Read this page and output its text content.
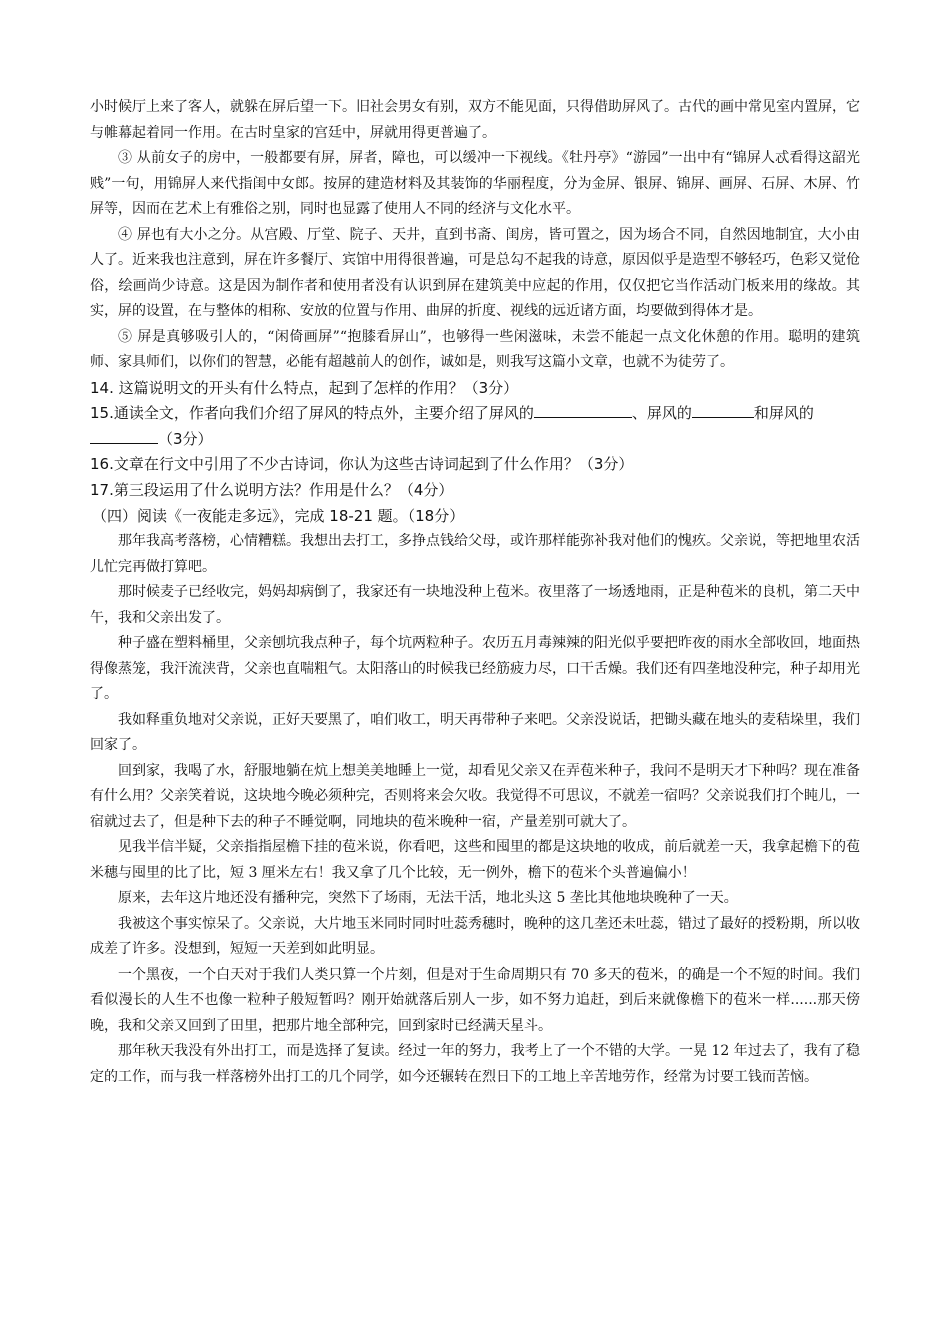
小时候厅上来了客人，就躲在屏后望一下。旧社会男女有别，双方不能见面，只得借助屏风了。古代的画中常见室内置屏，它与帷幕起着同一作用。在古时皇家的宫廷中，屏就用得更普遍了。

③ 从前女子的房中，一般都要有屏，屏者，障也，可以缓冲一下视线。《牡丹亭》“游园”一出中有“锦屏人忒看得这韶光贱”一句，用锦屏人来代指闺中女郎。按屏的建造材料及其装饰的华丽程度，分为金屏、银屏、锦屏、画屏、石屏、木屏、竹屏等，因而在艺术上有雅俗之别，同时也显露了使用人不同的经济与文化水平。

④ 屏也有大小之分。从宫殿、厅堂、院子、天井，直到书斋、闺房，皆可置之，因为场合不同，自然因地制宜，大小由人了。近来我也注意到，屏在许多餐厅、宾馆中用得很普遍，可是总勾不起我的诗意，原因似乎是造型不够轻巧，色彩又觉伧俗，绘画尚少诗意。这是因为制作者和使用者没有认识到屏在建筑美中应起的作用，仅仅把它当作活动门板来用的缘故。其实，屏的设置，在与整体的相称、安放的位置与作用、曲屏的折度、视线的远近诸方面，均要做到得体才是。

⑤ 屏是真够吸引人的，“闲倚画屏”“抱膝看屏山”，也够得一些闲滋味，未尝不能起一点文化休憩的作用。聪明的建筑师、家具师们，以你们的智慧，必能有超越前人的创作，诚如是，则我写这篇小文章，也就不为徒劳了。

14. 这篇说明文的开头有什么特点，起到了怎样的作用？（3分）

15.通读全文，作者向我们介绍了屏风的特点外，主要介绍了屏风的	、屏风的	和屏风的（3分）

16.文章在行文中引用了不少古诗词，你认为这些古诗词起到了什么作用？（3分）

17.第三段运用了什么说明方法？作用是什么？（4分）

（四）阅读《一夜能走多远》，完成 18-21 题。（18分）

那年我高考落榜，心情糟糕。我想出去打工，多挣点钱给父母，或许那样能弥补我对他们的愧疚。父亲说，等把地里农活儿忙完再做打算吧。

那时候麦子已经收完，妈妈却病倒了，我家还有一块地没种上苞米。夜里落了一场透地雨，正是种苞米的良机，第二天中午，我和父亲出发了。

种子盛在塑料桶里，父亲刨坑我点种子，每个坑两粒种子。农历五月毒辣辣的阳光似乎要把昨夜的雨水全部收回，地面热得像蒸笼，我汗流浃背，父亲也直喘粗气。太阳落山的时候我已经筋疲力尽，口干舌燥。我们还有四垄地没种完，种子却用光了。

我如释重负地对父亲说，正好天要黑了，咱们收工，明天再带种子来吧。父亲没说话，把锄头藏在地头的麦秸垛里，我们回家了。

回到家，我喝了水，舒服地躺在炕上想美美地睡上一觉，却看见父亲又在弄苞米种子，我问不是明天才下种吗？现在准备有什么用？父亲笑着说，这块地今晚必须种完，否则将来会欠收。我觉得不可思议，不就差一宿吗？父亲说我们打个盹儿，一宿就过去了，但是种下去的种子不睡觉啊，同地块的苞米晚种一宿，产量差别可就大了。

见我半信半疑，父亲指指屋檐下挂的苞米说，你看吧，这些和囤里的都是这块地的收成，前后就差一天，我拿起檐下的苞米穗与囤里的比了比，短 3 厘米左右！我又拿了几个比较，无一例外，檐下的苞米个头普遍偏小！

原来，去年这片地还没有播种完，突然下了场雨，无法干活，地北头这 5 垄比其他地块晚种了一天。

我被这个事实惊呆了。父亲说，大片地玉米同时同时吐蕊秀穗时，晚种的这几垄还未吐蕊，错过了最好的授粉期，所以收成差了许多。没想到，短短一天差到如此明显。

一个黑夜，一个白天对于我们人类只算一个片刻，但是对于生命周期只有 70 多天的苞米，的确是一个不短的时间。我们看似漫长的人生不也像一粒种子般短暂吗？刚开始就落后别人一步，如不努力追赶，到后来就像檐下的苞米一样......那天傍晚，我和父亲又回到了田里，把那片地全部种完，回到家时已经满天星斗。

那年秋天我没有外出打工，而是选择了复读。经过一年的努力，我考上了一个不错的大学。一晃 12 年过去了，我有了稳定的工作，而与我一样落榜外出打工的几个同学，如今还辗转在烈日下的工地上辛苦地劳作，经常为讨要工钱而苦恼。
